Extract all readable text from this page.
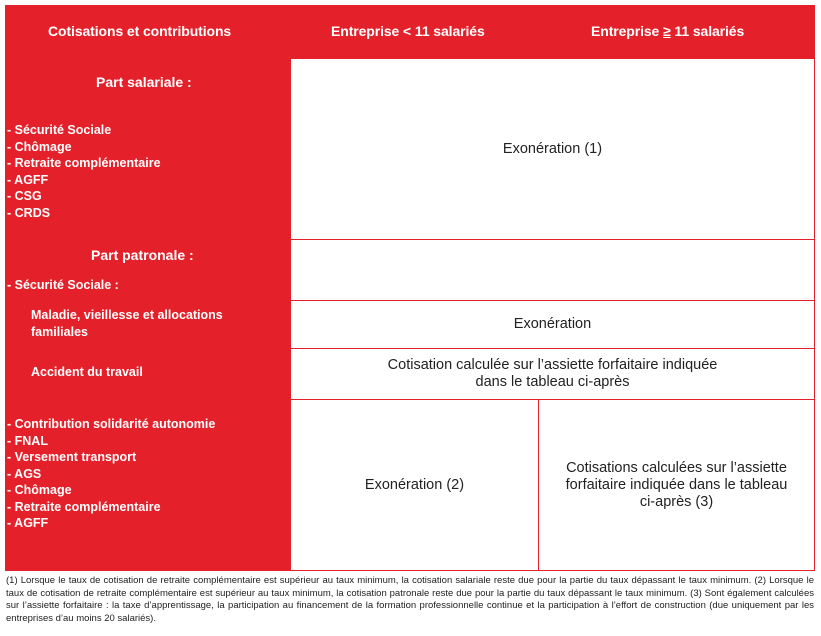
Cotisations et contributions	Entreprise < 11 salariés	Entreprise ≥ 11 salariés
Part salariale :
- Sécurité Sociale
- Chômage
- Retraite complémentaire
- AGFF
- CSG
- CRDS
Part patronale :
- Sécurité Sociale :
Maladie, vieillesse et allocations
familiales
Accident du travail
- Contribution solidarité autonomie
- FNAL
- Versement transport
- AGS
- Chômage
- Retraite complémentaire
- AGFF
Exonération (1)
Exonération
Cotisation calculée sur l’assiette forfaitaire indiquée
dans le tableau ci-après
Exonération (2)
Cotisations calculées sur l’assiette
forfaitaire indiquée dans le tableau
ci-après (3)
(1) Lorsque le taux de cotisation de retraite complémentaire est supérieur au taux minimum, la cotisation salariale reste due pour la partie du taux dépassant le taux minimum. (2) Lorsque le taux de cotisation de retraite complémentaire est supérieur au taux minimum, la cotisation patronale reste due pour la partie du taux dépassant le taux minimum. (3) Sont également calculées sur l’assiette forfaitaire : la taxe d’apprentissage, la participation au financement de la formation professionnelle continue et la participation à l’effort de construction (due uniquement par les entreprises d’au moins 20 salariés).
